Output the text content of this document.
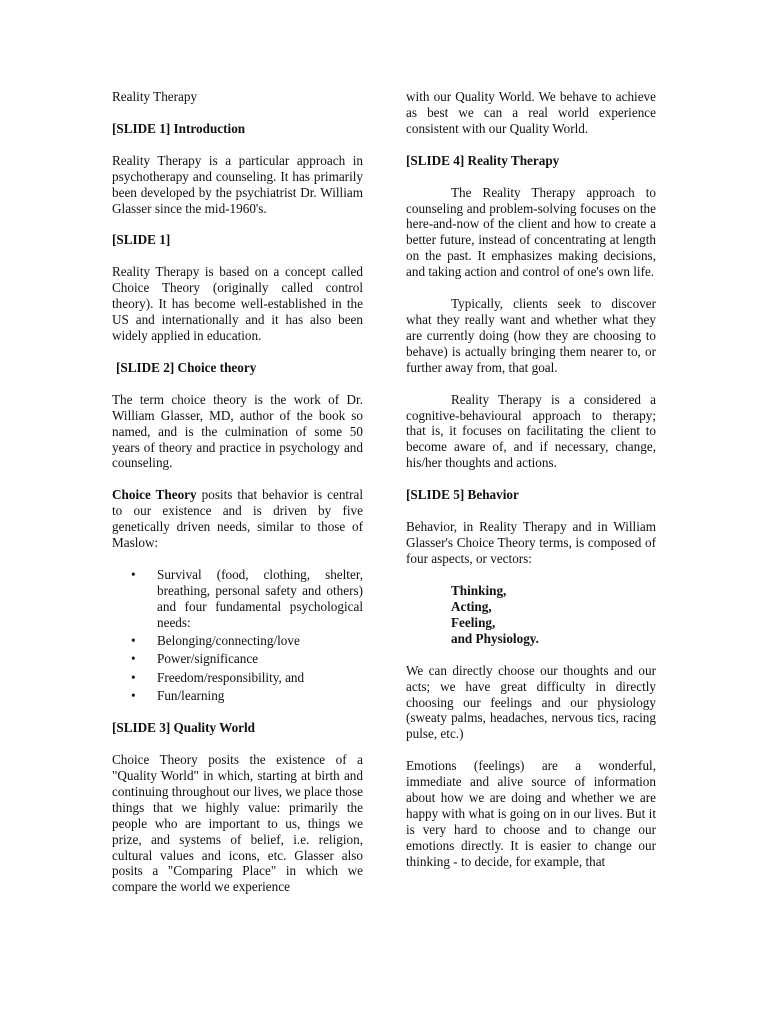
Reality Therapy

[SLIDE 1] Introduction

Reality Therapy is a particular approach in psychotherapy and counseling. It has primarily been developed by the psychiatrist Dr. William Glasser since the mid-1960's.

[SLIDE 1]

Reality Therapy is based on a concept called Choice Theory (originally called control theory). It has become well-established in the US and internationally and it has also been widely applied in education.

[SLIDE 2] Choice theory

The term choice theory is the work of Dr. William Glasser, MD, author of the book so named, and is the culmination of some 50 years of theory and practice in psychology and counseling.

Choice Theory posits that behavior is central to our existence and is driven by five genetically driven needs, similar to those of Maslow:

• Survival (food, clothing, shelter, breathing, personal safety and others) and four fundamental psychological needs:
• Belonging/connecting/love
• Power/significance
• Freedom/responsibility, and
• Fun/learning

[SLIDE 3] Quality World

Choice Theory posits the existence of a "Quality World" in which, starting at birth and continuing throughout our lives, we place those things that we highly value: primarily the people who are important to us, things we prize, and systems of belief, i.e. religion, cultural values and icons, etc. Glasser also posits a "Comparing Place" in which we compare the world we experience

with our Quality World. We behave to achieve as best we can a real world experience consistent with our Quality World.

[SLIDE 4] Reality Therapy

The Reality Therapy approach to counseling and problem-solving focuses on the here-and-now of the client and how to create a better future, instead of concentrating at length on the past. It emphasizes making decisions, and taking action and control of one's own life.

Typically, clients seek to discover what they really want and whether what they are currently doing (how they are choosing to behave) is actually bringing them nearer to, or further away from, that goal.

Reality Therapy is a considered a cognitive-behavioural approach to therapy; that is, it focuses on facilitating the client to become aware of, and if necessary, change, his/her thoughts and actions.

[SLIDE 5] Behavior

Behavior, in Reality Therapy and in William Glasser's Choice Theory terms, is composed of four aspects, or vectors:

Thinking,
Acting,
Feeling,
and Physiology.

We can directly choose our thoughts and our acts; we have great difficulty in directly choosing our feelings and our physiology (sweaty palms, headaches, nervous tics, racing pulse, etc.)

Emotions (feelings) are a wonderful, immediate and alive source of information about how we are doing and whether we are happy with what is going on in our lives. But it is very hard to choose and to change our emotions directly. It is easier to change our thinking - to decide, for example, that
